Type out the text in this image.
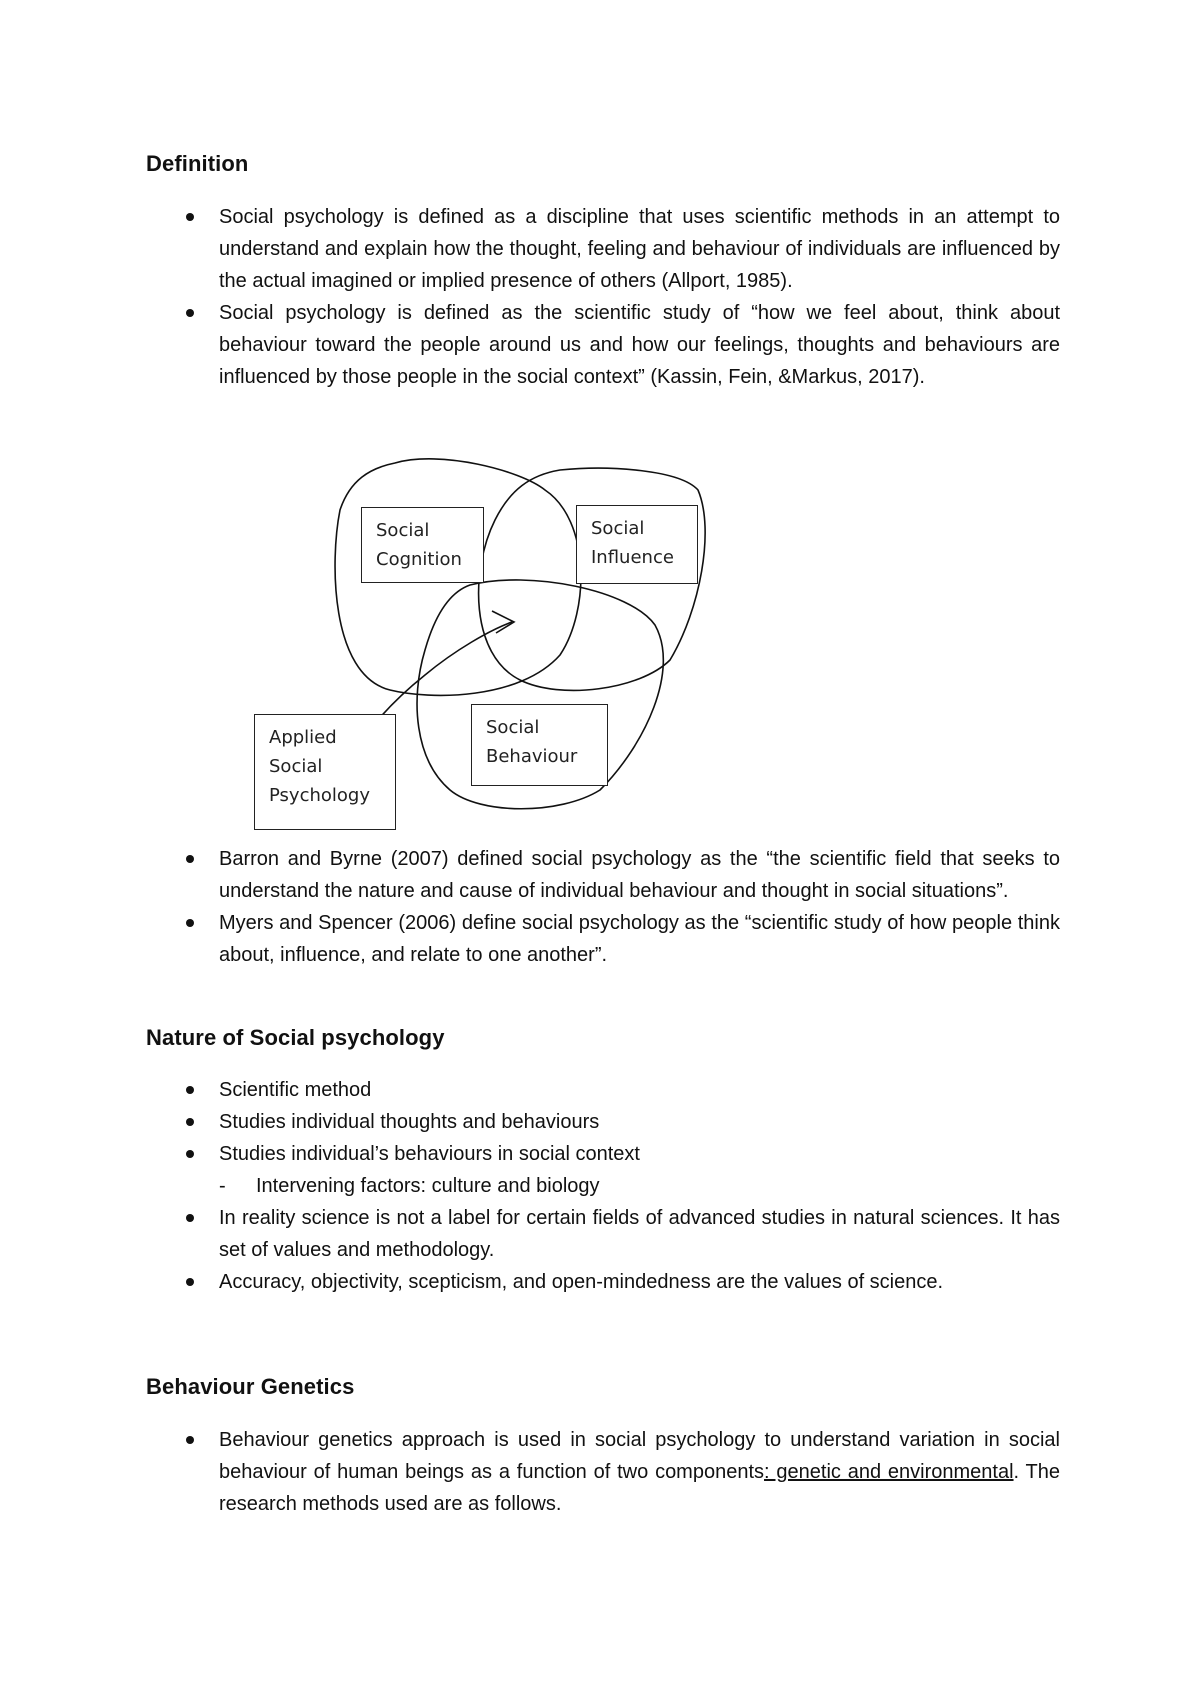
Definition
Social psychology is defined as a discipline that uses scientific methods in an attempt to understand and explain how the thought, feeling and behaviour of individuals are influenced by the actual imagined or implied presence of others (Allport, 1985).
Social psychology is defined as the scientific study of “how we feel about, think about behaviour toward the people around us and how our feelings, thoughts and behaviours are influenced by those people in the social context” (Kassin, Fein, &Markus, 2017).
Social
Cognition
Social
Influence
Social
Behaviour
Applied
Social
Psychology
Barron and Byrne (2007) defined social psychology as the “the scientific field that seeks to understand the nature and cause of individual behaviour and thought in social situations”.
Myers and Spencer (2006) define social psychology as the “scientific study of how people think about, influence, and relate to one another”.
Nature of Social psychology
Scientific method
Studies individual thoughts and behaviours
Studies individual’s behaviours in social context
- Intervening factors: culture and biology
In reality science is not a label for certain fields of advanced studies in natural sciences. It has set of values and methodology.
Accuracy, objectivity, scepticism, and open-mindedness are the values of science.
Behaviour Genetics
Behaviour genetics approach is used in social psychology to understand variation in social behaviour of human beings as a function of two components: genetic and environmental. The research methods used are as follows.
